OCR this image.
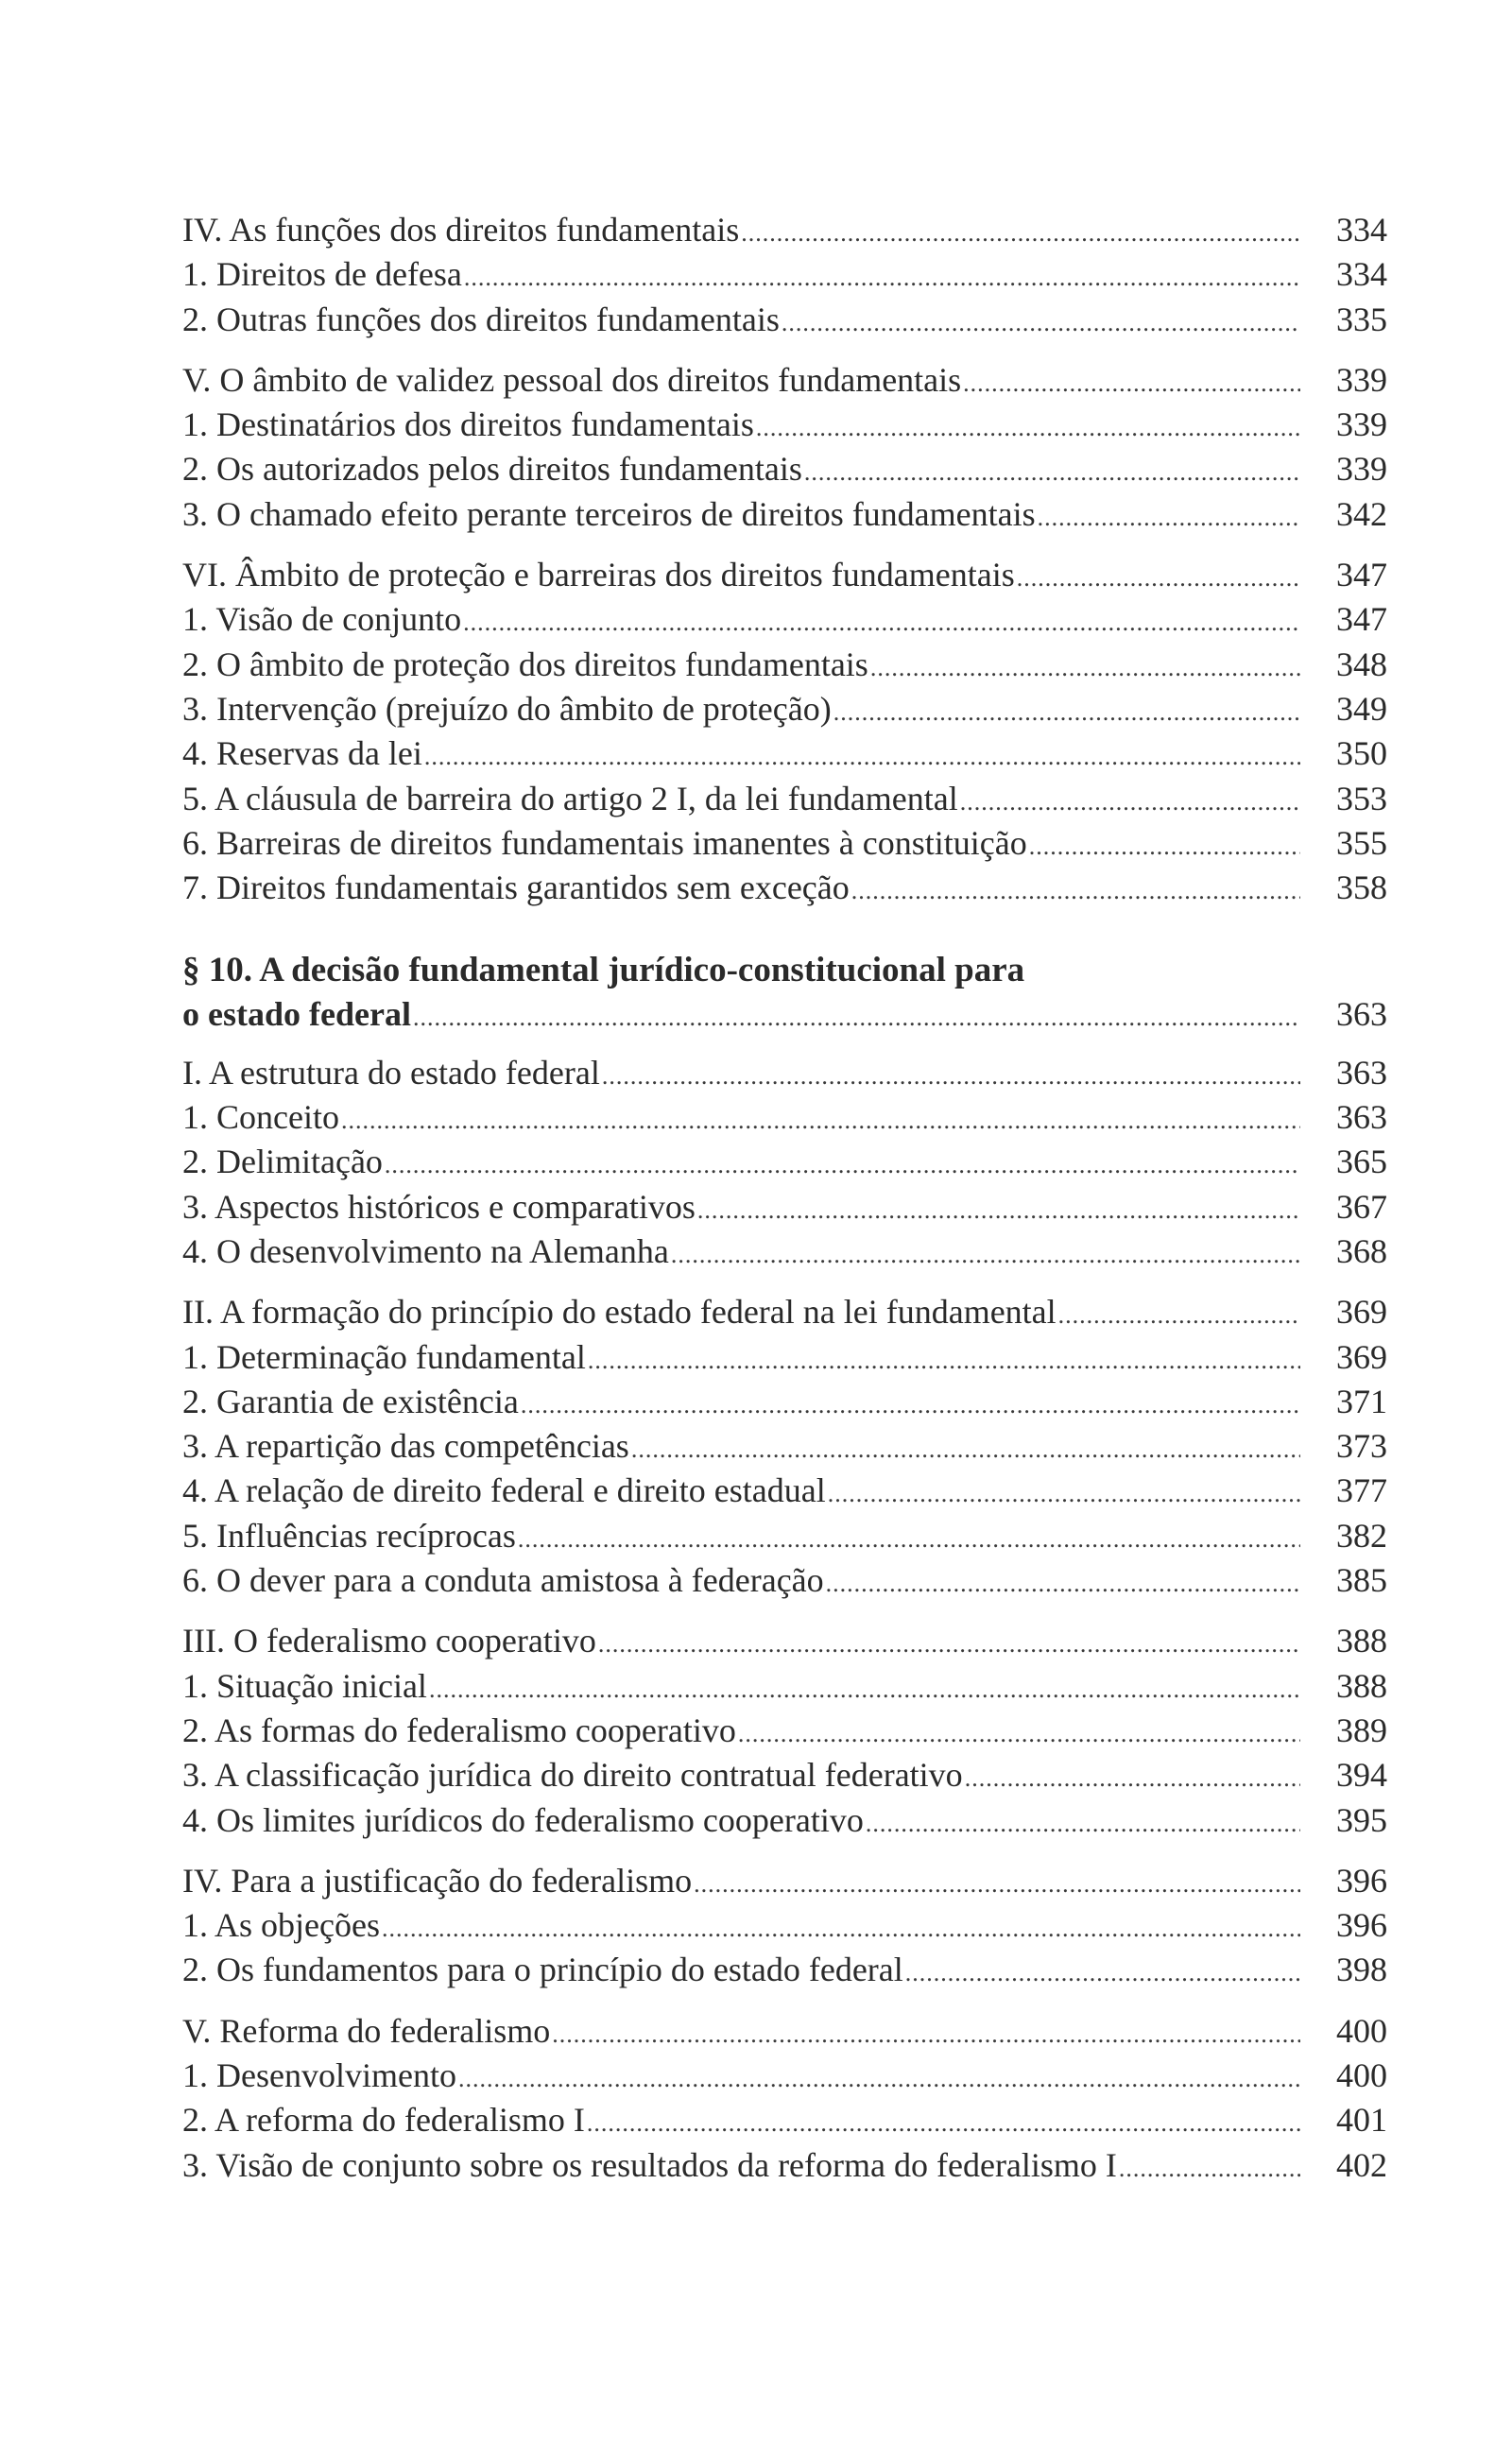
IV. As funções dos direitos fundamentais .....	334
1. Direitos de defesa .....	334
2. Outras funções dos direitos fundamentais .....	335
V. O âmbito de validez pessoal dos direitos fundamentais .....	339
1. Destinatários dos direitos fundamentais .....	339
2. Os autorizados pelos direitos fundamentais .....	339
3. O chamado efeito perante terceiros de direitos fundamentais .....	342
VI. Âmbito de proteção e barreiras dos direitos fundamentais .....	347
1. Visão de conjunto .....	347
2. O âmbito de proteção dos direitos fundamentais .....	348
3. Intervenção (prejuízo do âmbito de proteção) .....	349
4. Reservas da lei .....	350
5. A cláusula de barreira do artigo 2 I, da lei fundamental .....	353
6. Barreiras de direitos fundamentais imanentes à constituição .....	355
7. Direitos fundamentais garantidos sem exceção .....	358
§ 10. A decisão fundamental jurídico-constitucional para
o estado federal .....	363
I. A estrutura do estado federal .....	363
1. Conceito .....	363
2. Delimitação .....	365
3. Aspectos históricos e comparativos .....	367
4. O desenvolvimento na Alemanha .....	368
II. A formação do princípio do estado federal na lei fundamental .....	369
1. Determinação fundamental .....	369
2. Garantia de existência .....	371
3. A repartição das competências .....	373
4. A relação de direito federal e direito estadual .....	377
5. Influências recíprocas .....	382
6. O dever para a conduta amistosa à federação .....	385
III. O federalismo cooperativo .....	388
1. Situação inicial .....	388
2. As formas do federalismo cooperativo .....	389
3. A classificação jurídica do direito contratual federativo .....	394
4. Os limites jurídicos do federalismo cooperativo .....	395
IV. Para a justificação do federalismo .....	396
1. As objeções .....	396
2. Os fundamentos para o princípio do estado federal .....	398
V. Reforma do federalismo .....	400
1. Desenvolvimento .....	400
2. A reforma do federalismo I .....	401
3. Visão de conjunto sobre os resultados da reforma do federalismo I .....	402
